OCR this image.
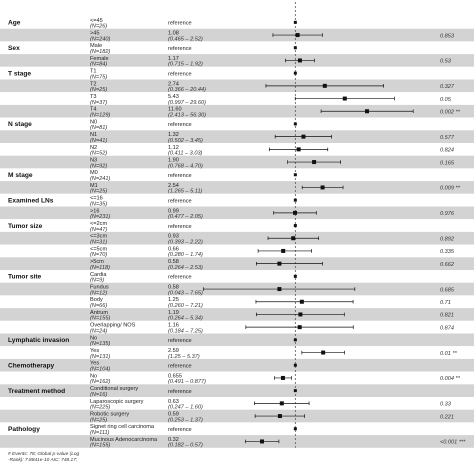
Age	<=45
(N=26)	reference
>45
(N=240)
1.08
(0.465 – 2.52)	0.853
Sex	Male
(N=182)	reference
Female
(N=84)
1.17
(0.715 – 1.92)	0.53
T stage	T1
(N=75)	reference
T2
(N=25)
2.74
(0.366 – 20.44)	0.327
T3
(N=37)
5.43
(0.997 – 29.60)	0.05
T4
(N=129)
11.60
(2.413 – 56.30)	0.002 **
N stage	N0
(N=81)	reference
N1
(N=41)
1.32
(0.502 – 3.45)	0.577
N2
(N=52)
1.12
(0.411 – 3.03)	0.824
N3
(N=92)
1.90
(0.768 – 4.70)	0.165
M stage	M0
(N=241)	reference
M1
(N=25)
2.54
(1.265 – 5.11)	0.009 **
Examined LNs	<=16
(N=35)	reference
>16
(N=231)
0.99
(0.477 – 2.05)	0.976
Tumor size	<=2cm
(N=47)	reference
<=3cm
(N=31)
0.93
(0.393 – 2.22)	0.892
<=5cm
(N=70)
0.66
(0.280 – 1.74)	0.335
>5cm
(N=118)
0.58
(0.264 – 2.53)	0.662
Tumor site	Cardia
(N=9)	reference
Fundus
(N=12)
0.58
(0.043 – 7.65)	0.685
Body
(N=66)
1.25
(0.260 – 7.21)	0.71
Antrum
(N=155)
1.19
(0.264 – 5.34)	0.821
Overlapping/ NOS
(N=24)
1.16
(0.184 – 7.25)	0.874
Lymphatic invasion	No
(N=135)	reference
Yes
(N=131)
2.59
(1.25 – 5.37)	0.01 **
Chemotherapy	Yes
(N=104)	reference
No
(N=162)
0.655
(0.491 – 0.877)	0.004 **
Treatment method	Conditional surgery
(N=16)	reference
Laparoscopic surgery
(N=225)
0.63
(0.247 – 1.60)	0.33
Robotic surgery
(N=25)
0.59
(0.253 – 1.37)	0.221
Pathology	Signet ring cell carcinoma
(N=111)	reference
Mucinous Adenocarcinoma
(N=155)
0.32
(0.182 – 0.57)	<0.001 ***
# Events: 78; Global p-value (Log
-Rank): 7.8841e-10 AIC: 748.17;
